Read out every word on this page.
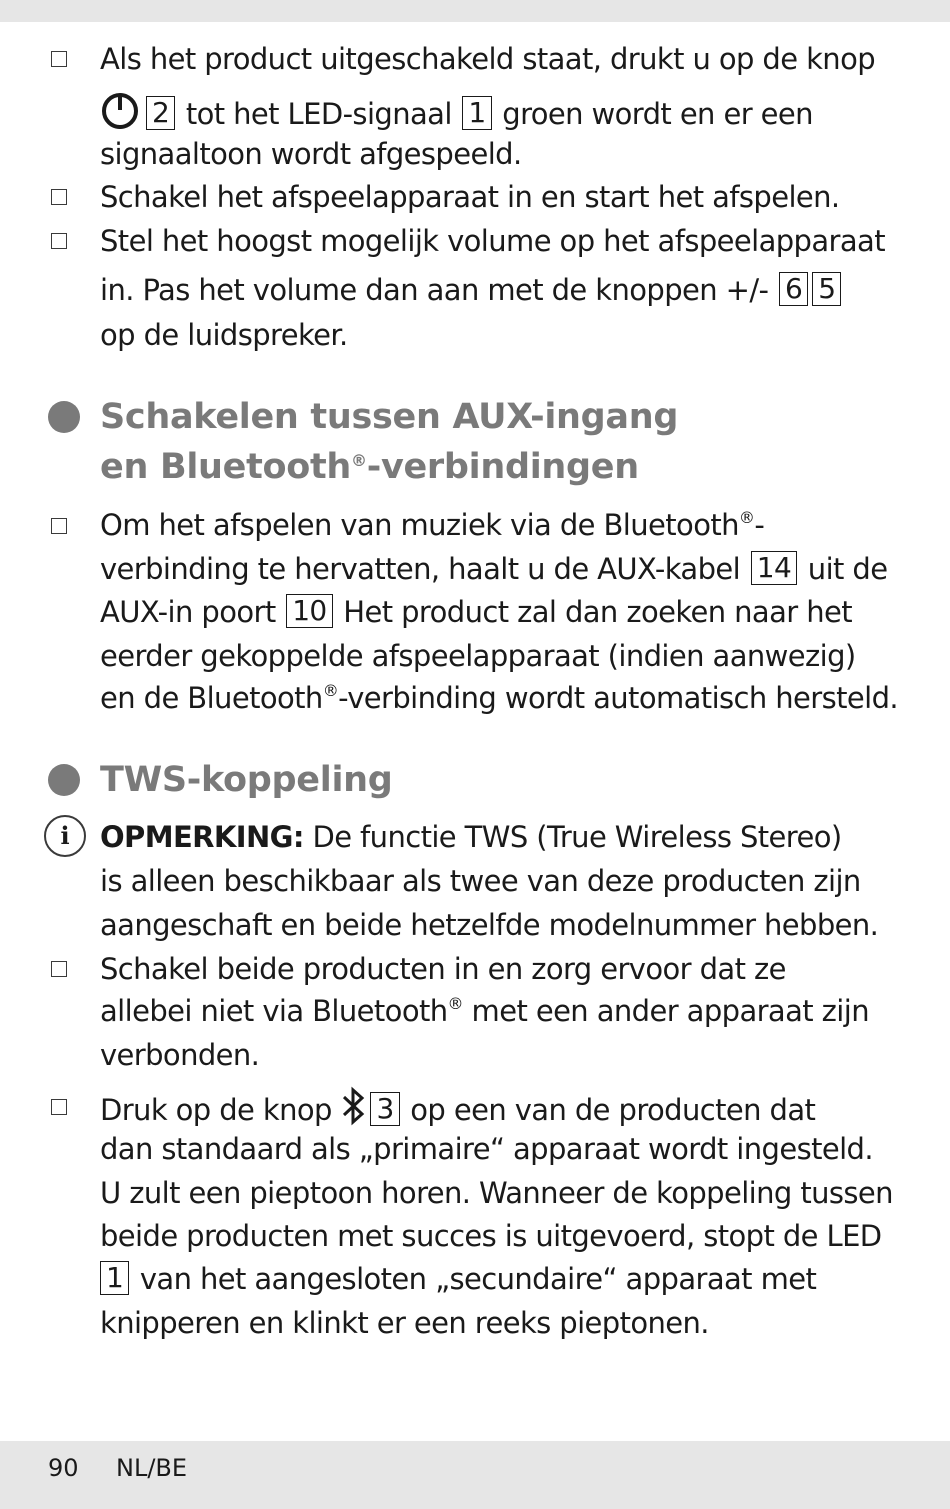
Als het product uitgeschakeld staat, drukt u op de knop

2 tot het LED-signaal 1 groen wordt en er een

signaaltoon wordt afgespeeld.

Schakel het afspeelapparaat in en start het afspelen.

Stel het hoogst mogelijk volume op het afspeelapparaat

in. Pas het volume dan aan met de knoppen +/- 6 5

op de luidspreker.

Schakelen tussen AUX-ingang

en Bluetooth®-verbindingen

Om het afspelen van muziek via de Bluetooth®-

verbinding te hervatten, haalt u de AUX-kabel 14 uit de

AUX-in poort 10 Het product zal dan zoeken naar het

eerder gekoppelde afspeelapparaat (indien aanwezig)

en de Bluetooth®-verbinding wordt automatisch hersteld.

TWS-koppeling

i	OPMERKING: De functie TWS (True Wireless Stereo)

is alleen beschikbaar als twee van deze producten zijn

aangeschaft en beide hetzelfde modelnummer hebben.

Schakel beide producten in en zorg ervoor dat ze

allebei niet via Bluetooth® met een ander apparaat zijn

verbonden.

Druk op de knop 3 op een van de producten dat

dan standaard als „primaire“ apparaat wordt ingesteld.

U zult een pieptoon horen. Wanneer de koppeling tussen

beide producten met succes is uitgevoerd, stopt de LED

1 van het aangesloten „secundaire“ apparaat met

knipperen en klinkt er een reeks pieptonen.

90 NL/BE
